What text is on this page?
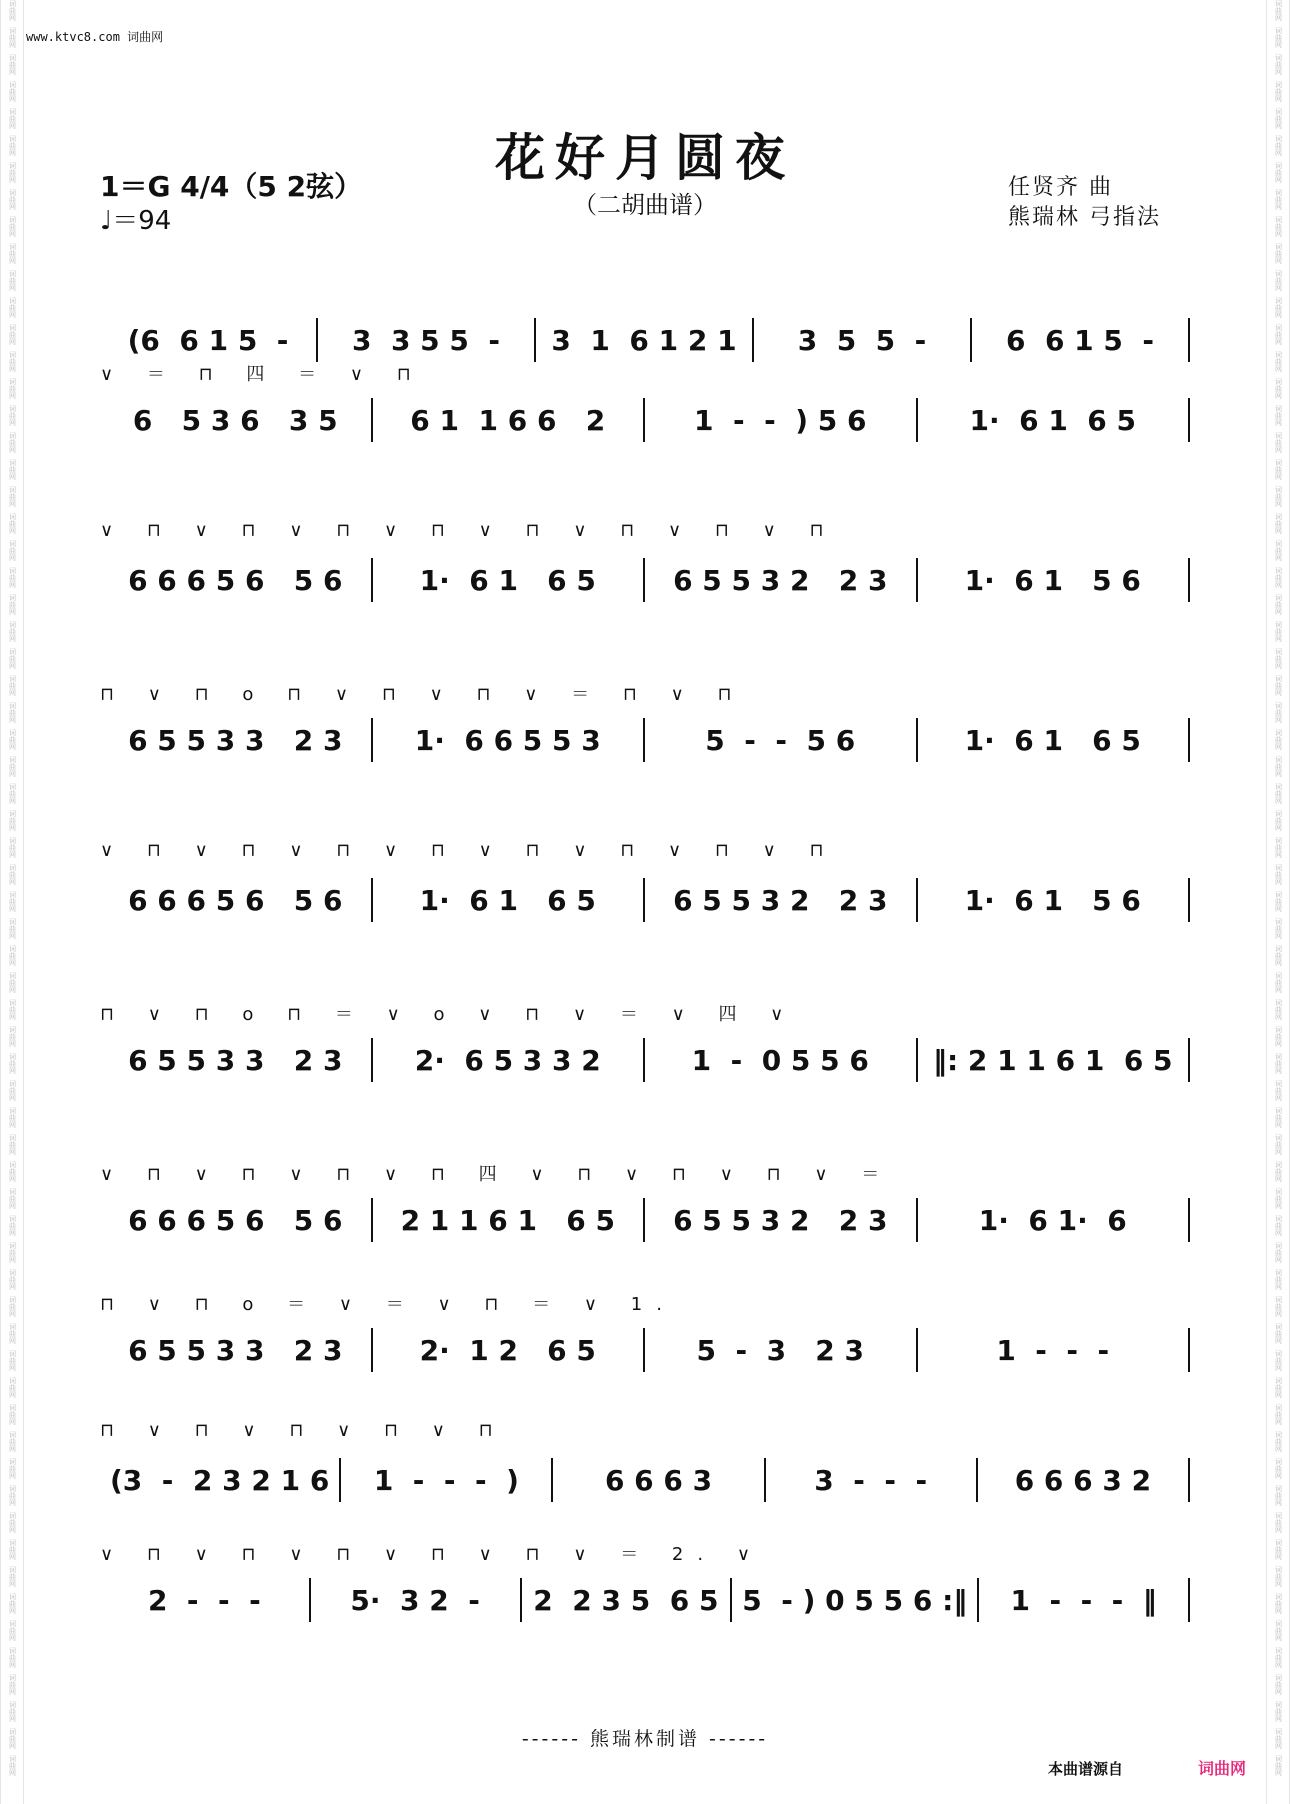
词曲网
词曲网
词曲网
词曲网
词曲网
词曲网
词曲网
词曲网
词曲网
词曲网
词曲网
词曲网
词曲网
词曲网
词曲网
词曲网
词曲网
词曲网
词曲网
词曲网
词曲网
词曲网
词曲网
词曲网
词曲网
词曲网
词曲网
词曲网
词曲网
词曲网
词曲网
词曲网
词曲网
词曲网
词曲网
词曲网
词曲网
词曲网
词曲网
词曲网
词曲网
词曲网
词曲网
词曲网
词曲网
词曲网
词曲网
词曲网
词曲网
词曲网
词曲网
词曲网
词曲网
词曲网
词曲网
词曲网
词曲网
词曲网
词曲网
词曲网
词曲网
词曲网
词曲网
词曲网
词曲网
词曲网
词曲网
词曲网
词曲网
词曲网
词曲网
词曲网
词曲网
词曲网
词曲网
词曲网
词曲网
词曲网
词曲网
词曲网
词曲网
词曲网
词曲网
词曲网
词曲网
词曲网
词曲网
词曲网
词曲网
词曲网
词曲网
词曲网
词曲网
词曲网
词曲网
词曲网
词曲网
词曲网
词曲网
词曲网
词曲网
词曲网
词曲网
词曲网
词曲网
词曲网
词曲网
词曲网
词曲网
词曲网
词曲网
词曲网
词曲网
词曲网
词曲网
词曲网
词曲网
词曲网
词曲网
词曲网
词曲网
词曲网
词曲网
词曲网
词曲网
词曲网
词曲网
词曲网
词曲网
词曲网
词曲网
词曲网
www.ktvc8.com 词曲网
花好月圆夜
（二胡曲谱）
1＝G 4/4（5 2弦）
♩＝94
任贤齐 曲
熊瑞林 弓指法
(6  6 1 5  -	3  3 5 5  -	3  1  6 1 2 1	3  5  5  -	6  6 1 5  -
∨ ＝ ⊓ 四 ＝ ∨ ⊓
6   5 3 6   3 5	6 1  1 6 6   2	1  -  -  ) 5 6	1·  6 1  6 5
∨ ⊓ ∨ ⊓ ∨ ⊓ ∨ ⊓ ∨ ⊓ ∨ ⊓ ∨ ⊓ ∨ ⊓
6 6 6 5 6   5 6	1·  6 1   6 5	6 5 5 3 2   2 3	1·  6 1   5 6
⊓ ∨ ⊓ o ⊓ ∨ ⊓ ∨ ⊓ ∨ ＝ ⊓ ∨ ⊓
6 5 5 3 3   2 3	1·  6 6 5 5 3	5  -  -  5 6	1·  6 1   6 5
∨ ⊓ ∨ ⊓ ∨ ⊓ ∨ ⊓ ∨ ⊓ ∨ ⊓ ∨ ⊓ ∨ ⊓
6 6 6 5 6   5 6	1·  6 1   6 5	6 5 5 3 2   2 3	1·  6 1   5 6
⊓ ∨ ⊓ o ⊓ ＝ ∨ o ∨ ⊓ ∨ ＝ ∨ 四 ∨
6 5 5 3 3   2 3	2·  6 5 3 3 2	1  -  0 5 5 6	‖: 2 1 1 6 1  6 5
∨ ⊓ ∨ ⊓ ∨ ⊓ ∨ ⊓ 四 ∨ ⊓ ∨ ⊓ ∨ ⊓ ∨ ＝
6 6 6 5 6   5 6	2 1 1 6 1   6 5	6 5 5 3 2   2 3	1·  6 1·  6
⊓ ∨ ⊓ o ＝ ∨ ＝ ∨ ⊓ ＝ ∨ 1.
6 5 5 3 3   2 3	2·  1 2   6 5	5  -  3   2 3	1  -  -  -
⊓ ∨ ⊓ ∨ ⊓ ∨ ⊓ ∨ ⊓
(3  -  2 3 2 1 6	1  -  -  -  )	6 6 6 3	3  -  -  -	6 6 6 3 2
∨ ⊓ ∨ ⊓ ∨ ⊓ ∨ ⊓ ∨ ⊓ ∨ ＝ 2. ∨
2  -  -  -	5·  3 2  -	2  2 3 5  6 5 5  - ) 0 5 5 6 :‖	1  -  -  -  ‖
------ 熊瑞林制谱 ------
本曲谱源自	词曲网
